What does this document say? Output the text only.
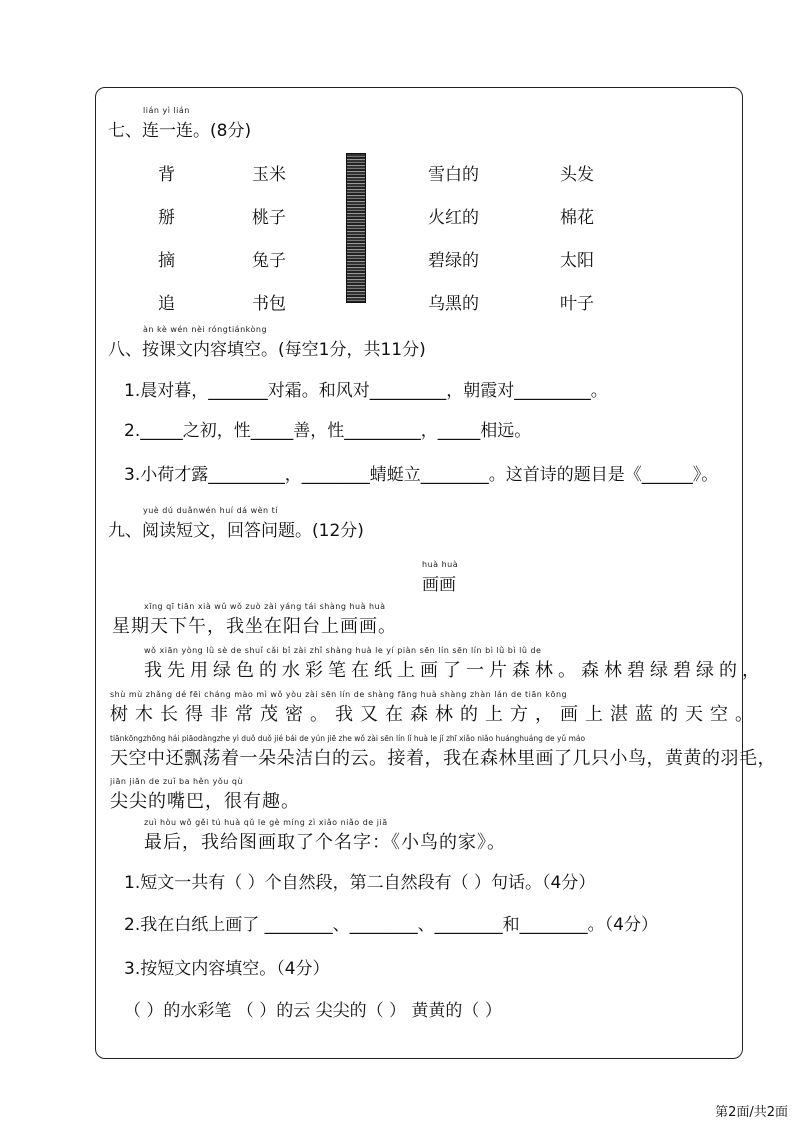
lián yì lián
七、连一连。(8分)
背
掰
摘
追
玉米
桃子
兔子
书包
雪白的
火红的
碧绿的
乌黑的
头发
棉花
太阳
叶子
àn kè wén nèi róngtiánkòng
八、按课文内容填空。(每空1分，共11分)
1.晨对暮，_______对霜。和风对_________，朝霞对_________。
2._____之初，性_____善，性_________，_____相远。
3.小荷才露_________，________蜻蜓立________。这首诗的题目是《______》。
yuè dú duǎnwén huí dá wèn tí
九、阅读短文，回答问题。(12分)
huà huà
画画
xīng qī tiān xià wǔ wǒ zuò zài yáng tái shàng huà huà
星期天下午，我坐在阳台上画画。
wǒ xiān yòng lǜ sè de shuǐ cǎi bǐ zài zhǐ shàng huà le yí piàn sēn lín sēn lín bì lǜ bì lǜ de
我先用绿色的水彩笔在纸上画了一片森林。森林碧绿碧绿的，
shù mù zhǎng dé fēi cháng mào mì wǒ yòu zài sēn lín de shàng fāng huà shàng zhàn lán de tiān kōng
树木长得非常茂密。我又在森林的上方，画上湛蓝的天空。
tiānkōngzhōng hái piāodàngzhe yì duǒ duǒ jié bái de yún jiē zhe wǒ zài sēn lín lǐ huà le jǐ zhī xiǎo niǎo huánghuáng de yǔ máo
天空中还飘荡着一朵朵洁白的云。接着，我在森林里画了几只小鸟，黄黄的羽毛，
jiān jiān de zuǐ ba hěn yǒu qù
尖尖的嘴巴，很有趣。
zuì hòu wǒ gěi tú huà qǔ le gè míng zì xiǎo niǎo de jiā
最后，我给图画取了个名字：《小鸟的家》。
1.短文一共有（ ）个自然段，第二自然段有（ ）句话。（4分）
2.我在白纸上画了 ________、________、________和________。（4分）
3.按短文内容填空。（4分）
（ ）的水彩笔 （ ）的云 尖尖的（ ） 黄黄的（ ）
第2面/共2面
